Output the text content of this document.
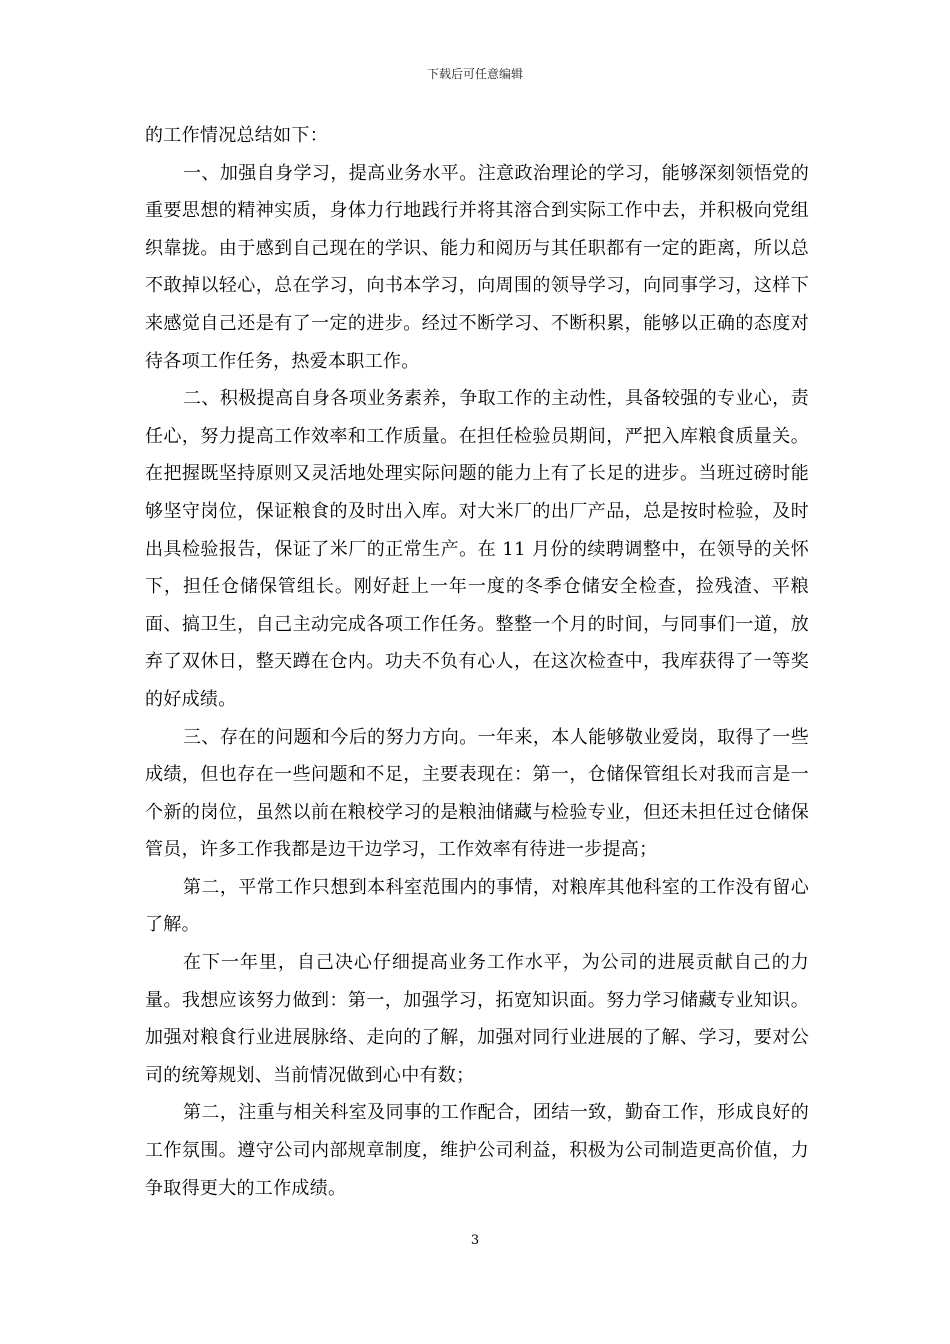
下载后可任意编辑

的工作情况总结如下：

一、加强自身学习，提高业务水平。注意政治理论的学习，能够深刻领悟党的重要思想的精神实质，身体力行地践行并将其溶合到实际工作中去，并积极向党组织靠拢。由于感到自己现在的学识、能力和阅历与其任职都有一定的距离，所以总不敢掉以轻心，总在学习，向书本学习，向周围的领导学习，向同事学习，这样下来感觉自己还是有了一定的进步。经过不断学习、不断积累，能够以正确的态度对待各项工作任务，热爱本职工作。

二、积极提高自身各项业务素养，争取工作的主动性，具备较强的专业心，责任心，努力提高工作效率和工作质量。在担任检验员期间，严把入库粮食质量关。在把握既坚持原则又灵活地处理实际问题的能力上有了长足的进步。当班过磅时能够坚守岗位，保证粮食的及时出入库。对大米厂的出厂产品，总是按时检验，及时出具检验报告，保证了米厂的正常生产。在 11 月份的续聘调整中，在领导的关怀下，担任仓储保管组长。刚好赶上一年一度的冬季仓储安全检查，捡残渣、平粮面、搞卫生，自己主动完成各项工作任务。整整一个月的时间，与同事们一道，放弃了双休日，整天蹲在仓内。功夫不负有心人，在这次检查中，我库获得了一等奖的好成绩。

三、存在的问题和今后的努力方向。一年来，本人能够敬业爱岗，取得了一些成绩，但也存在一些问题和不足，主要表现在：第一，仓储保管组长对我而言是一个新的岗位，虽然以前在粮校学习的是粮油储藏与检验专业，但还未担任过仓储保管员，许多工作我都是边干边学习，工作效率有待进一步提高；

第二，平常工作只想到本科室范围内的事情，对粮库其他科室的工作没有留心了解。

在下一年里，自己决心仔细提高业务工作水平，为公司的进展贡献自己的力量。我想应该努力做到：第一，加强学习，拓宽知识面。努力学习储藏专业知识。加强对粮食行业进展脉络、走向的了解，加强对同行业进展的了解、学习，要对公司的统筹规划、当前情况做到心中有数；

第二，注重与相关科室及同事的工作配合，团结一致，勤奋工作，形成良好的工作氛围。遵守公司内部规章制度，维护公司利益，积极为公司制造更高价值，力争取得更大的工作成绩。

3
